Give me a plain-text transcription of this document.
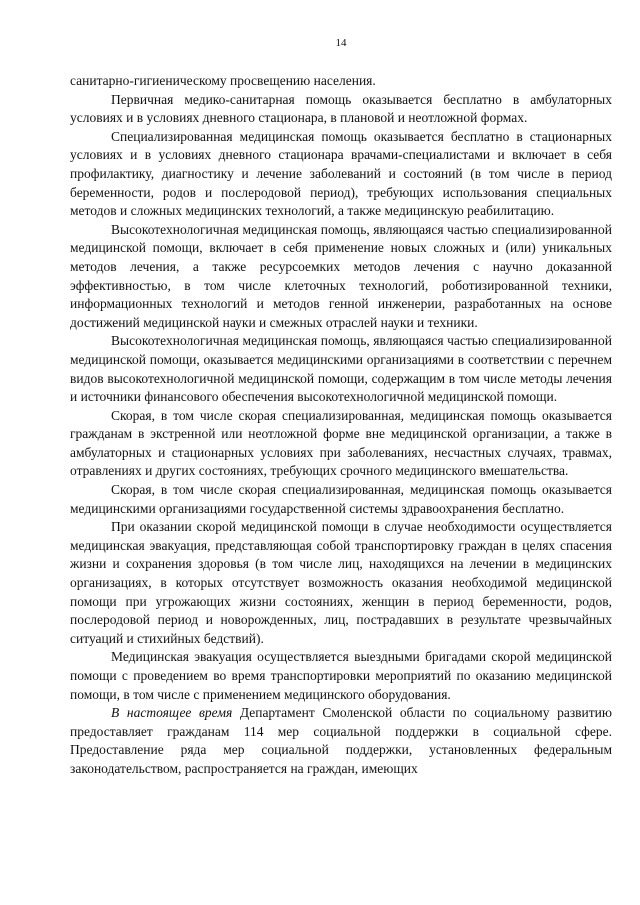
14

санитарно-гигиеническому просвещению населения.

Первичная медико-санитарная помощь оказывается бесплатно в амбулаторных условиях и в условиях дневного стационара, в плановой и неотложной формах.

Специализированная медицинская помощь оказывается бесплатно в стационарных условиях и в условиях дневного стационара врачами-специалистами и включает в себя профилактику, диагностику и лечение заболеваний и состояний (в том числе в период беременности, родов и послеродовой период), требующих использования специальных методов и сложных медицинских технологий, а также медицинскую реабилитацию.

Высокотехнологичная медицинская помощь, являющаяся частью специализированной медицинской помощи, включает в себя применение новых сложных и (или) уникальных методов лечения, а также ресурсоемких методов лечения с научно доказанной эффективностью, в том числе клеточных технологий, роботизированной техники, информационных технологий и методов генной инженерии, разработанных на основе достижений медицинской науки и смежных отраслей науки и техники.

Высокотехнологичная медицинская помощь, являющаяся частью специализированной медицинской помощи, оказывается медицинскими организациями в соответствии с перечнем видов высокотехнологичной медицинской помощи, содержащим в том числе методы лечения и источники финансового обеспечения высокотехнологичной медицинской помощи.

Скорая, в том числе скорая специализированная, медицинская помощь оказывается гражданам в экстренной или неотложной форме вне медицинской организации, а также в амбулаторных и стационарных условиях при заболеваниях, несчастных случаях, травмах, отравлениях и других состояниях, требующих срочного медицинского вмешательства.

Скорая, в том числе скорая специализированная, медицинская помощь оказывается медицинскими организациями государственной системы здравоохранения бесплатно.

При оказании скорой медицинской помощи в случае необходимости осуществляется медицинская эвакуация, представляющая собой транспортировку граждан в целях спасения жизни и сохранения здоровья (в том числе лиц, находящихся на лечении в медицинских организациях, в которых отсутствует возможность оказания необходимой медицинской помощи при угрожающих жизни состояниях, женщин в период беременности, родов, послеродовой период и новорожденных, лиц, пострадавших в результате чрезвычайных ситуаций и стихийных бедствий).

Медицинская эвакуация осуществляется выездными бригадами скорой медицинской помощи с проведением во время транспортировки мероприятий по оказанию медицинской помощи, в том числе с применением медицинского оборудования.

В настоящее время Департамент Смоленской области по социальному развитию предоставляет гражданам 114 мер социальной поддержки в социальной сфере. Предоставление ряда мер социальной поддержки, установленных федеральным законодательством, распространяется на граждан, имеющих
